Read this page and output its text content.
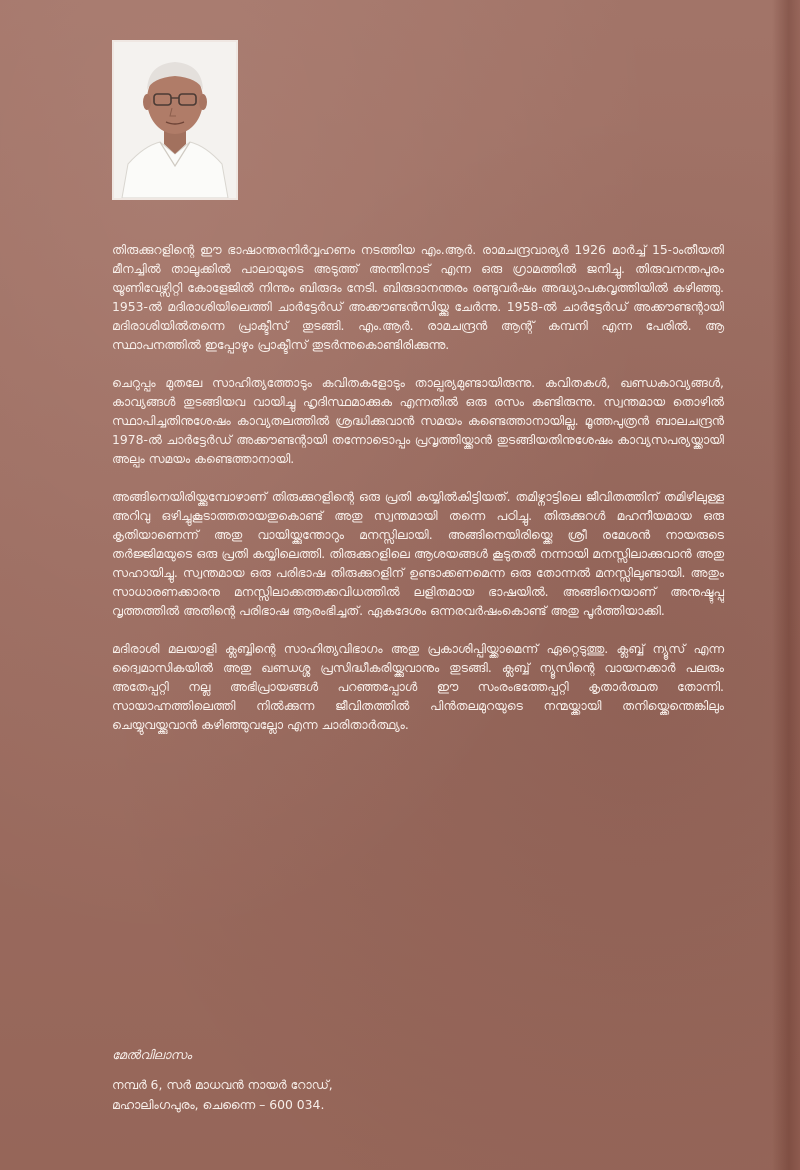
തിരുക്കുറളിന്റെ ഈ ഭാഷാന്തരനിർവ്വഹണം നടത്തിയ എം.ആർ. രാമചന്ദ്രവാര്യർ 1926 മാർച്ച് 15-ാംതീയതി മീനച്ചിൽ താലൂക്കിൽ പാലായുടെ അടുത്ത് അന്തിനാട് എന്ന ഒരു ഗ്രാമത്തിൽ ജനിച്ചു. തിരുവനന്തപുരം യൂണിവേഴ്സിറ്റി കോളേജിൽ നിന്നും ബിരുദം നേടി. ബിരുദാനന്തരം രണ്ടുവർഷം അദ്ധ്യാപകവൃത്തിയിൽ കഴിഞ്ഞു. 1953-ൽ മദിരാശിയിലെത്തി ചാർട്ടേർഡ് അക്കൗണ്ടൻസിയ്ക്കു ചേർന്നു. 1958-ൽ ചാർട്ടേർഡ് അക്കൗണ്ടന്റായി മദിരാശിയിൽതന്നെ പ്രാക്ടീസ് തുടങ്ങി. എം.ആർ. രാമചന്ദ്രൻ ആന്റ് കമ്പനി എന്ന പേരിൽ. ആ സ്ഥാപനത്തിൽ ഇപ്പോഴും പ്രാക്ടീസ് തുടർന്നുകൊണ്ടിരിക്കുന്നു.

ചെറുപ്പം മുതലേ സാഹിത്യത്തോടും കവിതകളോടും താല്പര്യമുണ്ടായിരുന്നു. കവിതകൾ, ഖണ്ഡകാവ്യങ്ങൾ, കാവ്യങ്ങൾ തുടങ്ങിയവ വായിച്ചു ഹൃദിസ്ഥമാക്കുക എന്നതിൽ ഒരു രസം കണ്ടിരുന്നു. സ്വന്തമായ തൊഴിൽ സ്ഥാപിച്ചതിനുശേഷം കാവ്യതലത്തിൽ ശ്രദ്ധിക്കുവാൻ സമയം കണ്ടെത്താനായില്ല. മൂത്തപുത്രൻ ബാലചന്ദ്രൻ 1978-ൽ ചാർട്ടേർഡ് അക്കൗണ്ടന്റായി തന്നോടൊപ്പം പ്രവൃത്തിയ്ക്കാൻ തുടങ്ങിയതിനുശേഷം കാവ്യസപര്യയ്ക്കായി അല്പം സമയം കണ്ടെത്താനായി.

അങ്ങിനെയിരിയ്ക്കുമ്പോഴാണ് തിരുക്കുറളിന്റെ ഒരു പ്രതി കയ്യിൽകിട്ടിയത്. തമിഴ്നാട്ടിലെ ജീവിതത്തിന് തമിഴിലുള്ള അറിവു ഒഴിച്ചുകൂടാത്തതായതുകൊണ്ട് അതു സ്വന്തമായി തന്നെ പഠിച്ചു. തിരുക്കുറൾ മഹനീയമായ ഒരു കൃതിയാണെന്ന് അതു വായിയ്ക്കുന്തോറും മനസ്സിലായി. അങ്ങിനെയിരിയ്ക്കെ ശ്രീ രമേശൻ നായരുടെ തർജ്ജിമയുടെ ഒരു പ്രതി കയ്യിലെത്തി. തിരുക്കുറളിലെ ആശയങ്ങൾ കൂടുതൽ നന്നായി മനസ്സിലാക്കുവാൻ അതു സഹായിച്ചു. സ്വന്തമായ ഒരു പരിഭാഷ തിരുക്കുറളിന് ഉണ്ടാക്കണമെന്ന ഒരു തോന്നൽ മനസ്സിലുണ്ടായി. അതും സാധാരണക്കാരനു മനസ്സിലാക്കത്തക്കവിധത്തിൽ ലളിതമായ ഭാഷയിൽ. അങ്ങിനെയാണ് അനുഷ്ടുപ്പു വൃത്തത്തിൽ അതിന്റെ പരിഭാഷ ആരംഭിച്ചത്. ഏകദേശം ഒന്നരവർഷംകൊണ്ട് അതു പൂർത്തിയാക്കി.

മദിരാശി മലയാളി ക്ലബ്ബിന്റെ സാഹിത്യവിഭാഗം അതു പ്രകാശിപ്പിയ്ക്കാമെന്ന് ഏറ്റെടുത്തു. ക്ലബ്ബ് ന്യൂസ് എന്ന ദ്വൈമാസികയിൽ അതു ഖണ്ഡശ്ശ പ്രസിദ്ധീകരിയ്ക്കുവാനും തുടങ്ങി. ക്ലബ്ബ് ന്യൂസിന്റെ വായനക്കാർ പലരും അതേപ്പറ്റി നല്ല അഭിപ്രായങ്ങൾ പറഞ്ഞപ്പോൾ ഈ സംരംഭത്തേപ്പറ്റി കൃതാർത്ഥത തോന്നി. സായാഹ്നത്തിലെത്തി നിൽക്കുന്ന ജീവിതത്തിൽ പിൻതലമുറയുടെ നന്മയ്ക്കായി തനിയ്ക്കെന്തെങ്കിലും ചെയ്യുവയ്ക്കുവാൻ കഴിഞ്ഞുവല്ലോ എന്ന ചാരിതാർത്ഥ്യം.

മേൽവിലാസം
നമ്പർ 6, സർ മാധവൻ നായർ റോഡ്,
മഹാലിംഗപുരം, ചെന്നൈ – 600 034.
